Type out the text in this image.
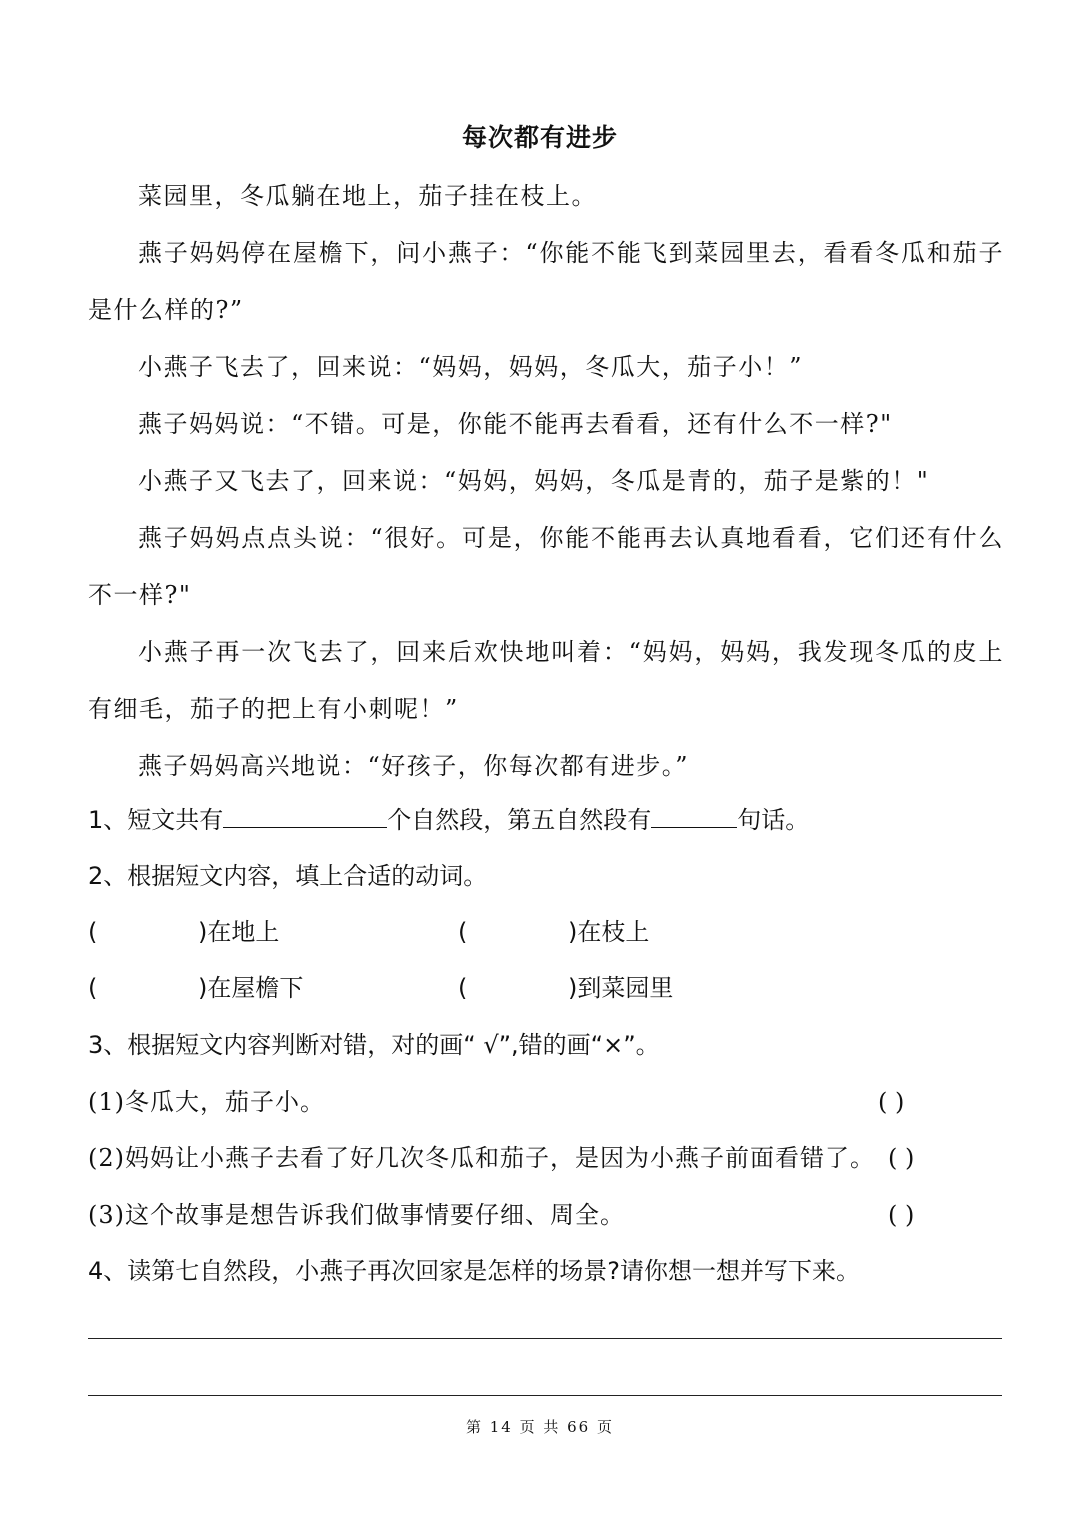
每次都有进步
菜园里，冬瓜躺在地上，茄子挂在枝上。
燕子妈妈停在屋檐下，问小燕子：“你能不能飞到菜园里去，看看冬瓜和茄子是什么样的?”
小燕子飞去了，回来说：“妈妈，妈妈，冬瓜大，茄子小！”
燕子妈妈说：“不错。可是，你能不能再去看看，还有什么不一样?"
小燕子又飞去了，回来说：“妈妈，妈妈，冬瓜是青的，茄子是紫的！"
燕子妈妈点点头说：“很好。可是，你能不能再去认真地看看，它们还有什么不一样?"
小燕子再一次飞去了，回来后欢快地叫着：“妈妈，妈妈，我发现冬瓜的皮上有细毛，茄子的把上有小刺呢！”
燕子妈妈高兴地说：“好孩子，你每次都有进步。”
1、短文共有	个自然段，第五自然段有	句话。
2、根据短文内容，填上合适的动词。
(	)在地上	(	)在枝上
(	)在屋檐下	(	)到菜园里
3、根据短文内容判断对错，对的画“ √”,错的画“×”。
(1)冬瓜大，茄子小。	( )
(2)妈妈让小燕子去看了好几次冬瓜和茄子，是因为小燕子前面看错了。 ( )
(3)这个故事是想告诉我们做事情要仔细、周全。	( )
4、读第七自然段，小燕子再次回家是怎样的场景?请你想一想并写下来。
第 14 页 共 66 页
